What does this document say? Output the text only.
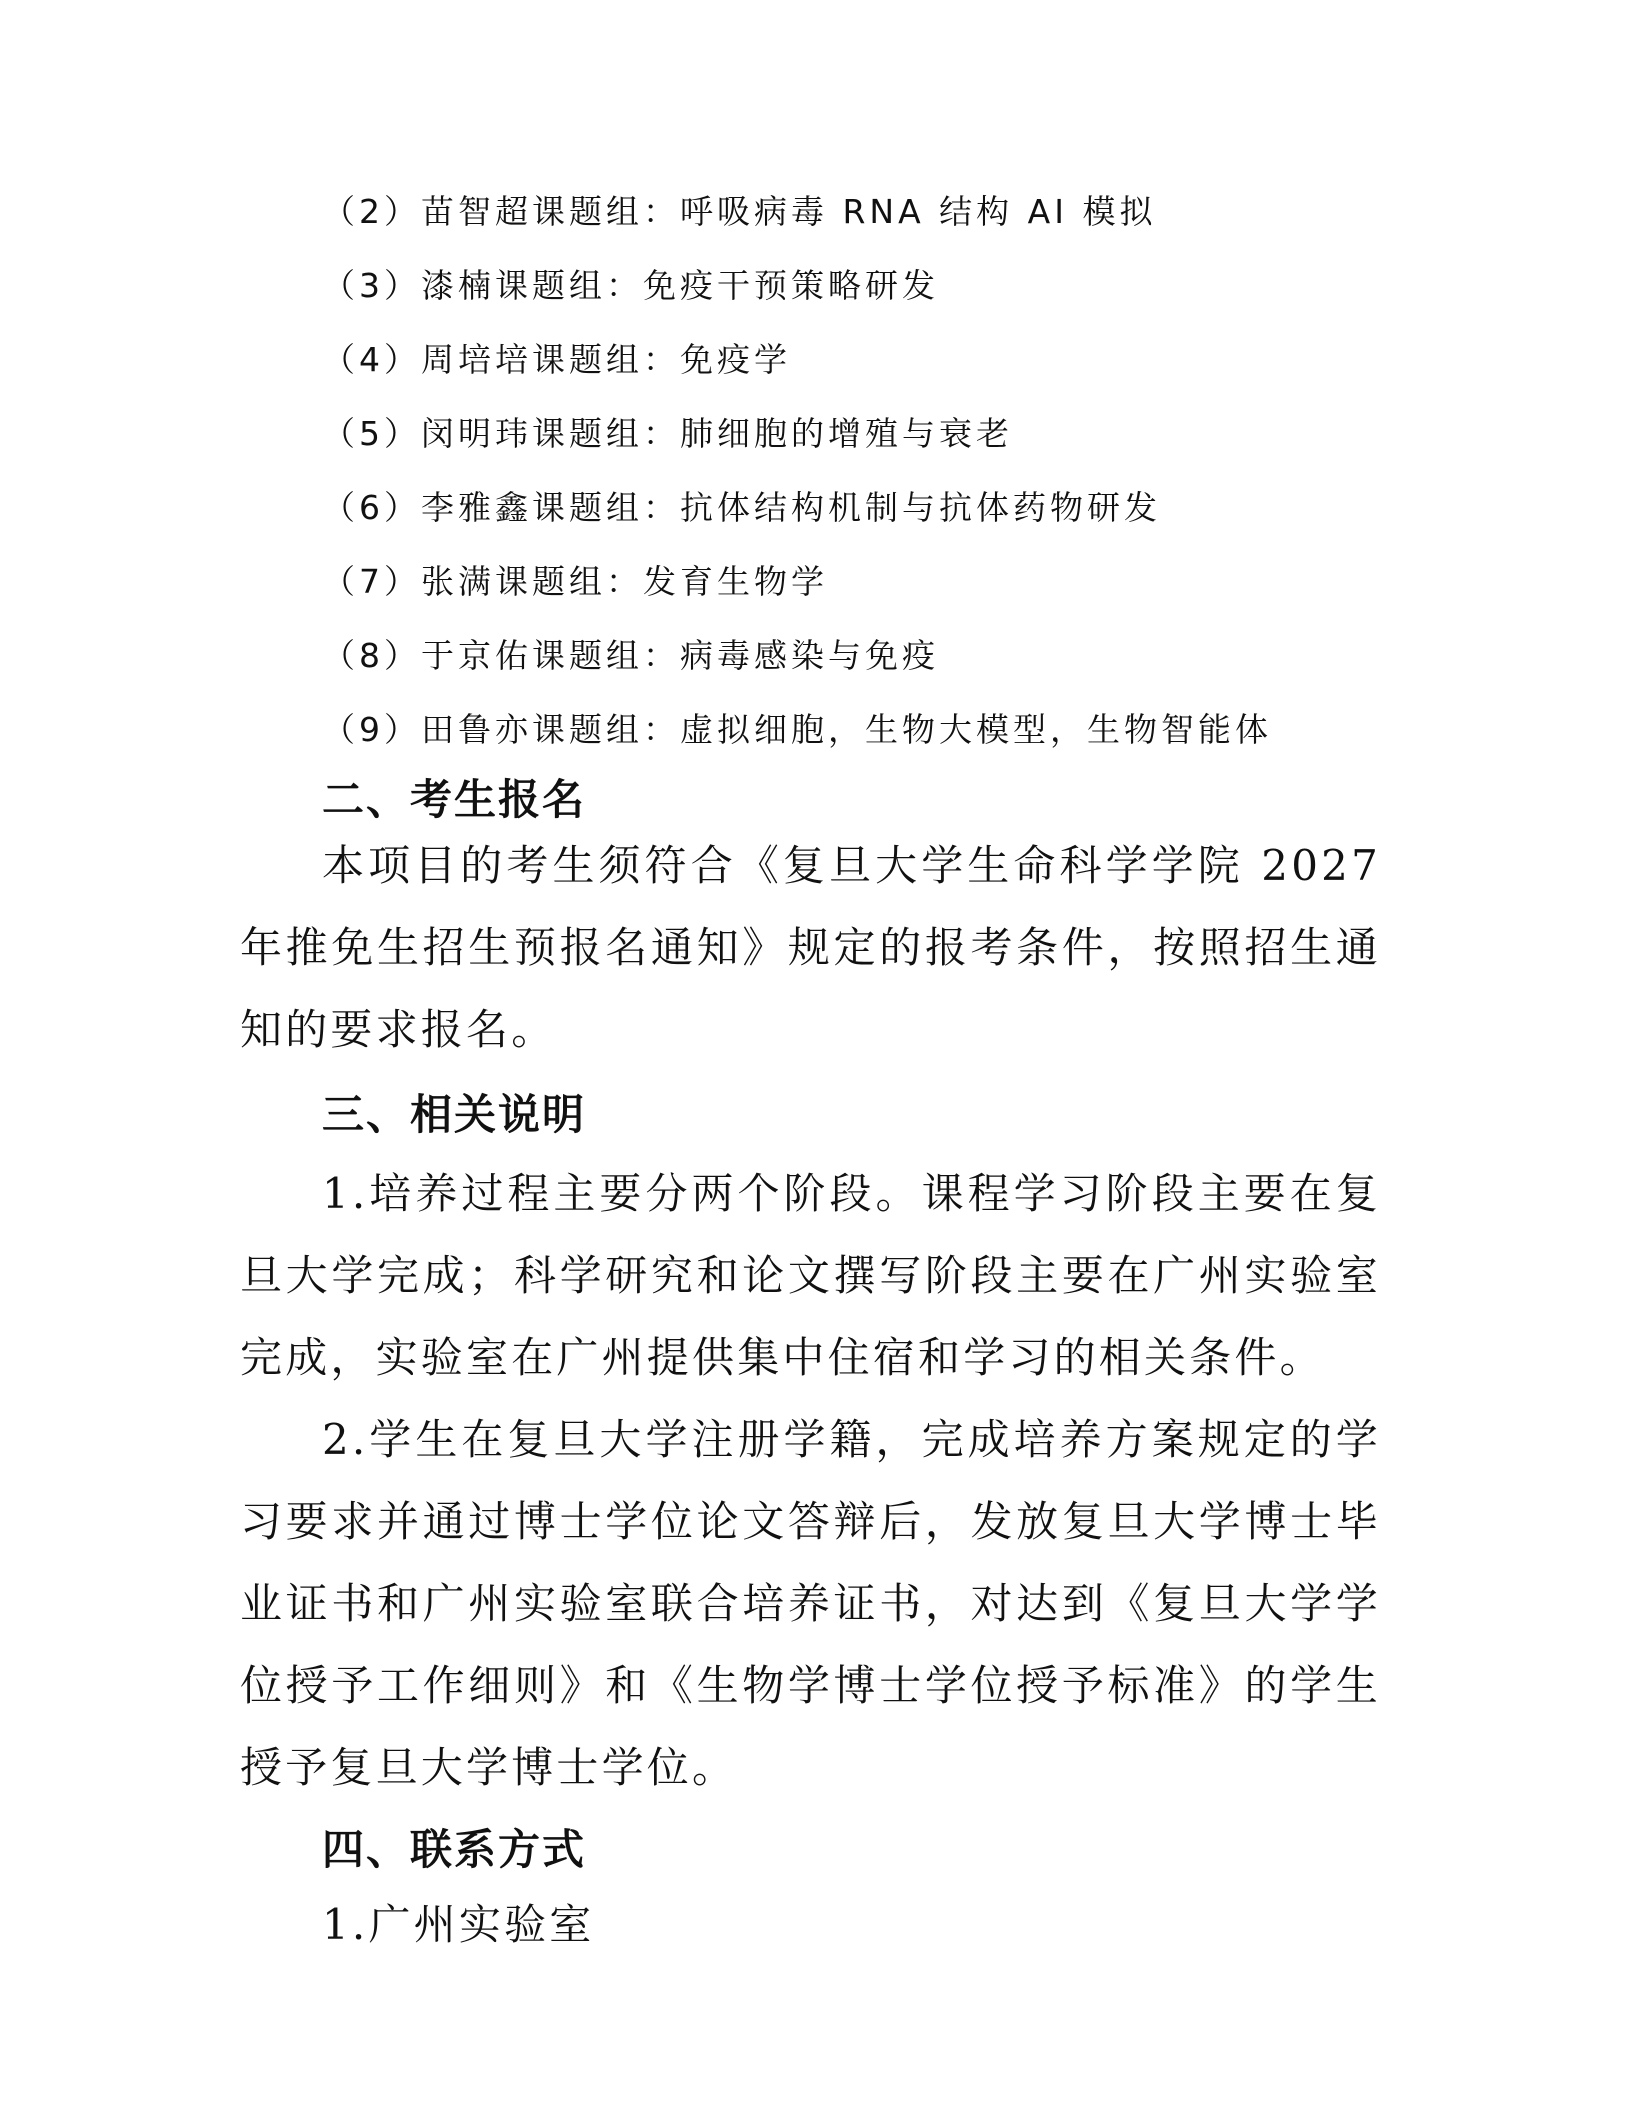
（2）苗智超课题组：呼吸病毒 RNA 结构 AI 模拟
（3）漆楠课题组：免疫干预策略研发
（4）周培培课题组：免疫学
（5）闵明玮课题组：肺细胞的增殖与衰老
（6）李雅鑫课题组：抗体结构机制与抗体药物研发
（7）张满课题组：发育生物学
（8）于京佑课题组：病毒感染与免疫
（9）田鲁亦课题组：虚拟细胞，生物大模型，生物智能体
二、考生报名

本项目的考生须符合《复旦大学生命科学学院 2027 年推免生招生预报名通知》规定的报考条件，按照招生通知的要求报名。

三、相关说明

1.培养过程主要分两个阶段。课程学习阶段主要在复旦大学完成；科学研究和论文撰写阶段主要在广州实验室完成，实验室在广州提供集中住宿和学习的相关条件。

2.学生在复旦大学注册学籍，完成培养方案规定的学习要求并通过博士学位论文答辩后，发放复旦大学博士毕业证书和广州实验室联合培养证书，对达到《复旦大学学位授予工作细则》和《生物学博士学位授予标准》的学生授予复旦大学博士学位。

四、联系方式
1.广州实验室
